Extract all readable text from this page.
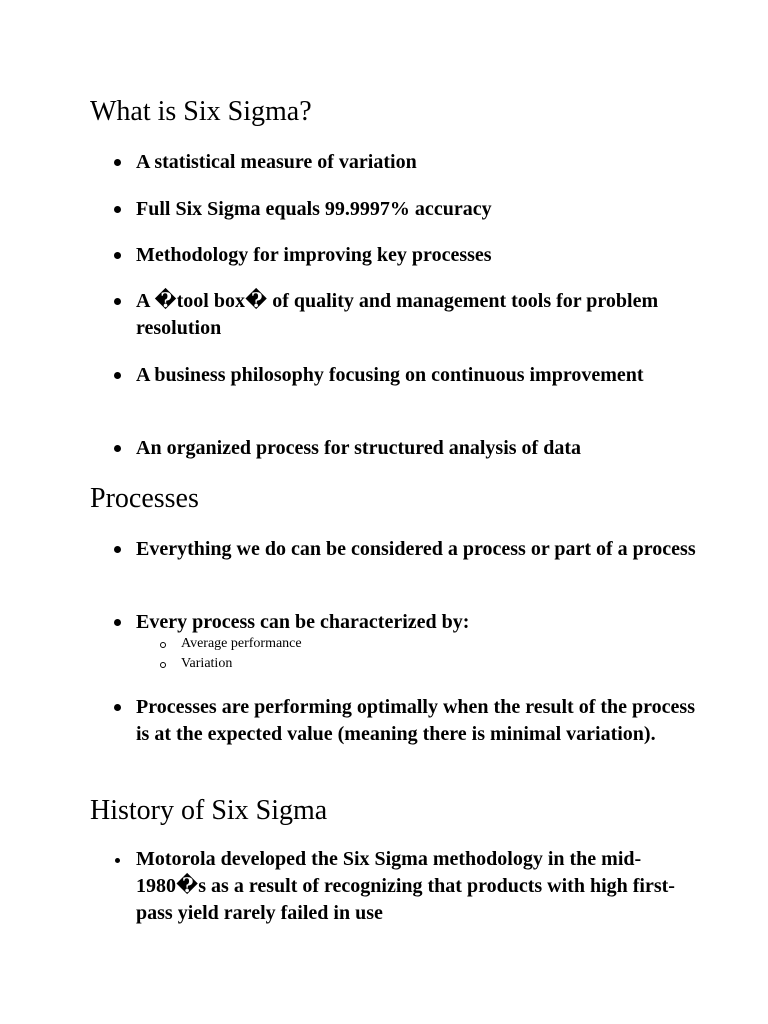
What is Six Sigma?
A statistical measure of variation
Full Six Sigma equals 99.9997% accuracy
Methodology for improving key processes
A �tool box� of quality and management tools for problem resolution
A business philosophy focusing on continuous improvement
An organized process for structured analysis of data
Processes
Everything we do can be considered a process or part of a process
Every process can be characterized by:
Average performance
Variation
Processes are performing optimally when the result of the process is at the expected value (meaning there is minimal variation).
History of Six Sigma
Motorola developed the Six Sigma methodology in the mid-1980�s as a result of recognizing that products with high first-pass yield rarely failed in use
